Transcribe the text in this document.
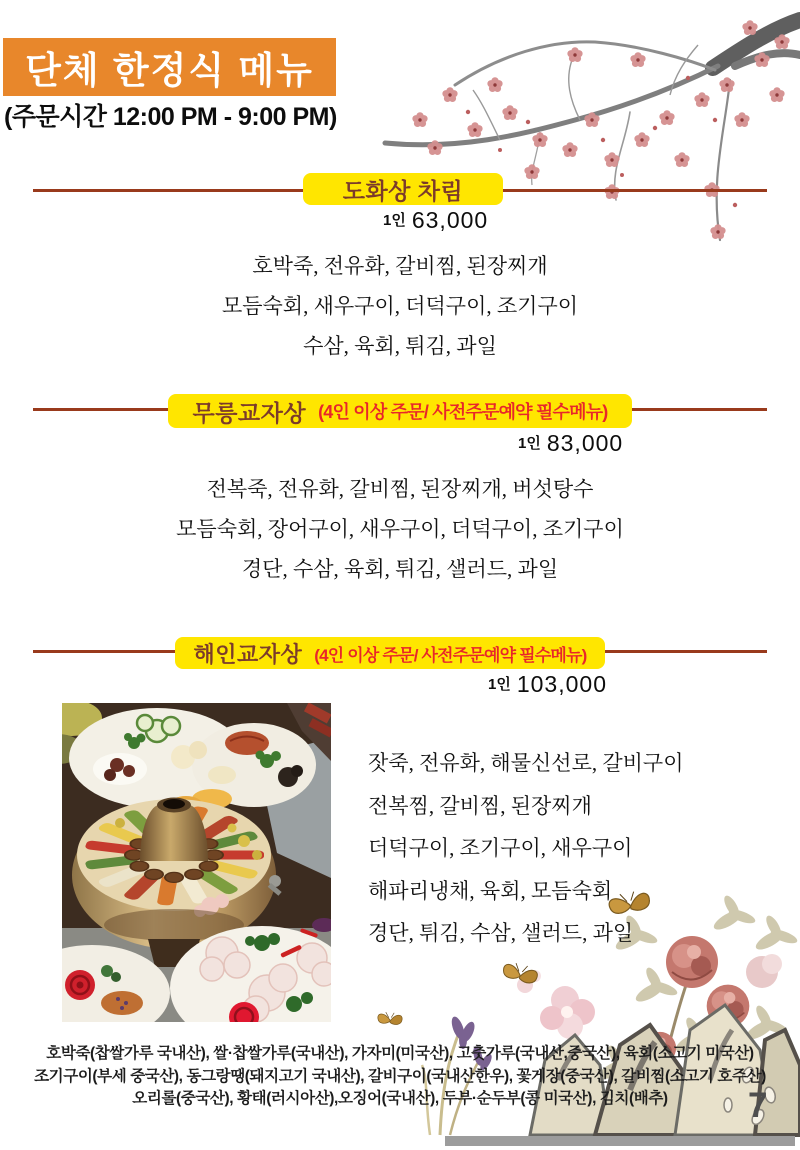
단체 한정식 메뉴
(주문시간 12:00 PM - 9:00 PM)
도화상 차림
1인 63,000
호박죽, 전유화, 갈비찜, 된장찌개
모듬숙회, 새우구이, 더덕구이, 조기구이
수삼, 육회, 튀김, 과일
무릉교자상 (4인 이상 주문/ 사전주문예약 필수메뉴)
1인 83,000
전복죽, 전유화, 갈비찜, 된장찌개, 버섯탕수
모듬숙회, 장어구이, 새우구이, 더덕구이, 조기구이
경단, 수삼, 육회, 튀김, 샐러드, 과일
해인교자상 (4인 이상 주문/ 사전주문예약 필수메뉴)
1인 103,000
잣죽, 전유화, 해물신선로, 갈비구이
전복찜, 갈비찜, 된장찌개
더덕구이, 조기구이, 새우구이
해파리냉채, 육회, 모듬숙회
경단, 튀김, 수삼, 샐러드, 과일
호박죽(찹쌀가루 국내산), 쌀·찹쌀가루(국내산), 가자미(미국산), 고춧가루(국내산,중국산), 육회(소고기 미국산)
조기구이(부세 중국산), 동그랑땡(돼지고기 국내산), 갈비구이(국내산한우), 꽃게장(중국산), 갈비찜(소고기 호주산)
오리롤(중국산), 황태(러시아산),오징어(국내산), 두부·순두부(콩 미국산), 김치(배추)	7
